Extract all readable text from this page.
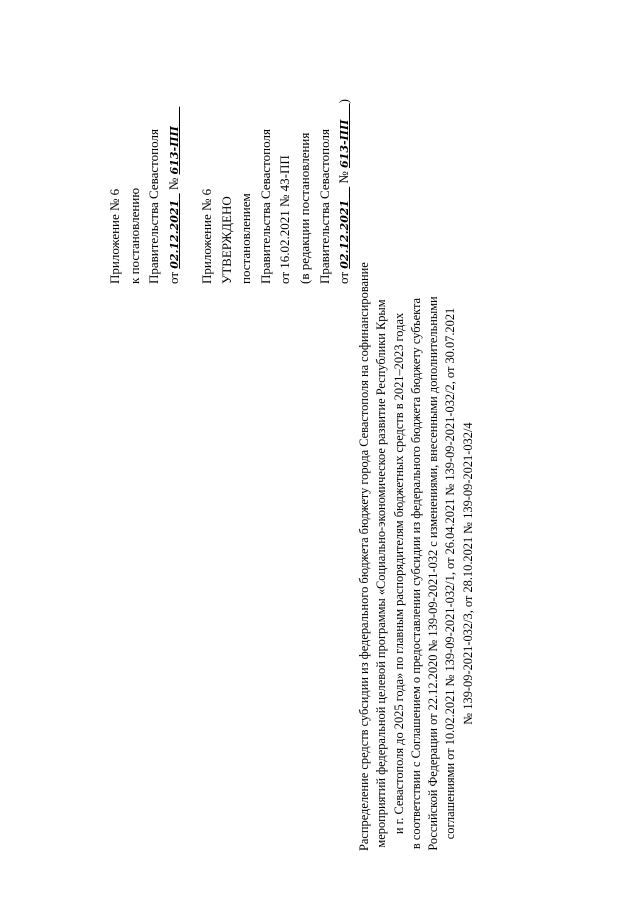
Приложение № 6 к постановлению Правительства Севастополя от 02.12.2021   № 613-ПП
Приложение № 6 УТВЕРЖДЕНО постановлением Правительства Севастополя от 16.02.2021 № 43-ПП (в редакции постановления Правительства Севастополя от 02.12.2021     № 613-ПП     )
Распределение средств субсидии из федерального бюджета бюджету города Севастополя на софинансирование мероприятий федеральной целевой программы «Социально-экономическое развитие Республики Крым и г. Севастополя до 2025 года» по главным распорядителям бюджетных средств в 2021–2023 годах в соответствии с Соглашением о предоставлении субсидии из федерального бюджета бюджету субъекта Российской Федерации от 22.12.2020 № 139-09-2021-032 с изменениями, внесенными дополнительными соглашениями от 10.02.2021 № 139-09-2021-032/1, от 26.04.2021 № 139-09-2021-032/2, от 30.07.2021 № 139-09-2021-032/3, от 28.10.2021 № 139-09-2021-032/4
